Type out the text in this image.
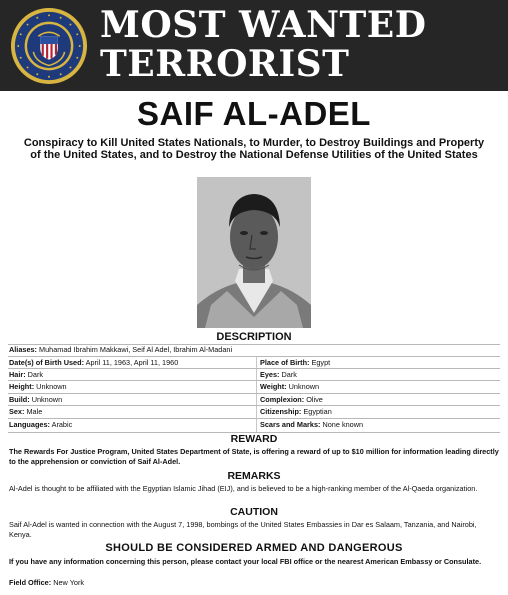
MOST WANTED
TERRORIST
SAIF AL-ADEL
Conspiracy to Kill United States Nationals, to Murder, to Destroy Buildings and Property of the United States, and to Destroy the National Defense Utilities of the United States
DESCRIPTION
Aliases: Muhamad Ibrahim Makkawi, Seif Al Adel, Ibrahim Al-Madani
Date(s) of Birth Used: April 11, 1963, April 11, 1960
Hair: Dark
Height: Unknown
Build: Unknown
Sex: Male
Languages: Arabic
Place of Birth: Egypt
Eyes: Dark
Weight: Unknown
Complexion: Olive
Citizenship: Egyptian
Scars and Marks: None known
REWARD
The Rewards For Justice Program, United States Department of State, is offering a reward of up to $10 million for information leading directly to the apprehension or conviction of Saif Al-Adel.
REMARKS
Al-Adel is thought to be affiliated with the Egyptian Islamic Jihad (EIJ), and is believed to be a high-ranking member of the Al-Qaeda organization.
CAUTION
Saif Al-Adel is wanted in connection with the August 7, 1998, bombings of the United States Embassies in Dar es Salaam, Tanzania, and Nairobi, Kenya.
SHOULD BE CONSIDERED ARMED AND DANGEROUS
If you have any information concerning this person, please contact your local FBI office or the nearest American Embassy or Consulate.
Field Office: New York
